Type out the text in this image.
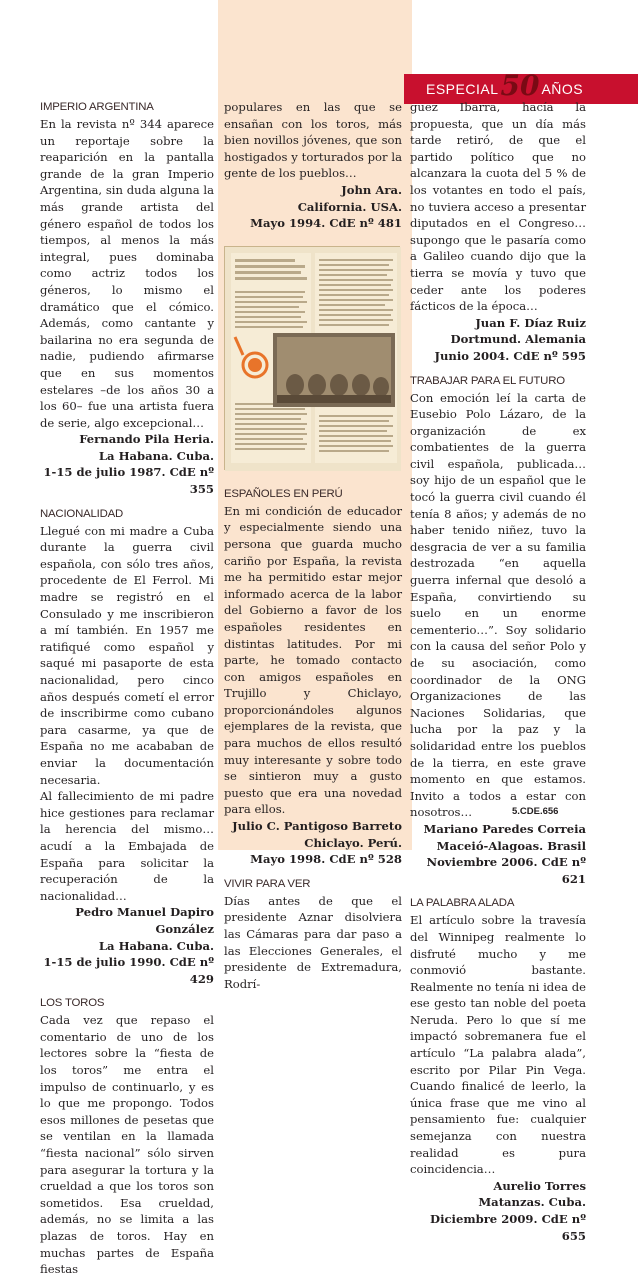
ESPECIAL 50 AÑOS
IMPERIO ARGENTINA

En la revista nº 344 aparece un reportaje sobre la reaparición en la pantalla grande de la gran Imperio Argentina, sin duda alguna la más grande artista del género español de todos los tiempos, al menos la más integral, pues dominaba como actriz todos los géneros, lo mismo el dramático que el cómico. Además, como cantante y bailarina no era segunda de nadie, pudiendo afirmarse que en sus momentos estelares –de los años 30 a los 60– fue una artista fuera de serie, algo excepcional…

Fernando Pila Heria.

La Habana. Cuba.

1-15 de julio 1987. CdE nº 355

NACIONALIDAD

Llegué con mi madre a Cuba durante la guerra civil española, con sólo tres años, procedente de El Ferrol. Mi madre se registró en el Consulado y me inscribieron a mí también. En 1957 me ratifiqué como español y saqué mi pasaporte de esta nacionalidad, pero cinco años después cometí el error de inscribirme como cubano para casarme, ya que de España no me acababan de enviar la documentación necesaria.

Al fallecimiento de mi padre hice gestiones para reclamar la herencia del mismo… acudí a la Embajada de España para solicitar la recuperación de la nacionalidad…

Pedro Manuel Dapiro González

La Habana. Cuba.

1-15 de julio 1990. CdE nº 429

LOS TOROS

Cada vez que repaso el comentario de uno de los lectores sobre la “fiesta de los toros” me entra el impulso de continuarlo, y es lo que me propongo. Todos esos millones de pesetas que se ventilan en la llamada “fiesta nacional” sólo sirven para asegurar la tortura y la crueldad a que los toros son sometidos. Esa crueldad, además, no se limita a las plazas de toros. Hay en muchas partes de España fiestas

populares en las que se ensañan con los toros, más bien novillos jóvenes, que son hostigados y torturados por la gente de los pueblos…

John Ara.

California. USA.

Mayo 1994. CdE nº 481

ESPAÑOLES EN PERÚ

En mi condición de educador y especialmente siendo una persona que guarda mucho cariño por España, la revista me ha permitido estar mejor informado acerca de la labor del Gobierno a favor de los españoles residentes en distintas latitudes. Por mi parte, he tomado contacto con amigos españoles en Trujillo y Chiclayo, proporcionándoles algunos ejemplares de la revista, que para muchos de ellos resultó muy interesante y sobre todo se sintieron muy a gusto puesto que era una novedad para ellos.

Julio C. Pantigoso Barreto

Chiclayo. Perú.

Mayo 1998. CdE nº 528

VIVIR PARA VER

Días antes de que el presidente Aznar disolviera las Cámaras para dar paso a las Elecciones Generales, el presidente de Extremadura, Rodrí-

guez Ibarra, hacía la propuesta, que un día más tarde retiró, de que el partido político que no alcanzara la cuota del 5 % de los votantes en todo el país, no tuviera acceso a presentar diputados en el Congreso… supongo que le pasaría como a Galileo cuando dijo que la tierra se movía y tuvo que ceder ante los poderes fácticos de la época…

Juan F. Díaz Ruiz

Dortmund. Alemania

Junio 2004. CdE nº 595

TRABAJAR PARA EL FUTURO

Con emoción leí la carta de Eusebio Polo Lázaro, de la organización de ex combatientes de la guerra civil española, publicada… soy hijo de un español que le tocó la guerra civil cuando él tenía 8 años; y además de no haber tenido niñez, tuvo la desgracia de ver a su familia destrozada “en aquella guerra infernal que desoló a España, convirtiendo su suelo en un enorme cementerio…”. Soy solidario con la causa del señor Polo y de su asociación, como coordinador de la ONG Organizaciones de las Naciones Solidarias, que lucha por la paz y la solidaridad entre los pueblos de la tierra, en este grave momento en que estamos. Invito a todos a estar con nosotros…

Mariano Paredes Correia

Maceió-Alagoas. Brasil

Noviembre 2006. CdE nº 621

LA PALABRA ALADA

El artículo sobre la travesía del Winnipeg realmente lo disfruté mucho y me conmovió bastante. Realmente no tenía ni idea de ese gesto tan noble del poeta Neruda. Pero lo que sí me impactó sobremanera fue el artículo “La palabra alada”, escrito por Pilar Pin Vega. Cuando finalicé de leerlo, la única frase que me vino al pensamiento fue: cualquier semejanza con nuestra realidad es pura coincidencia…

Aurelio Torres

Matanzas. Cuba.

Diciembre 2009. CdE nº 655

5.CDE.656
